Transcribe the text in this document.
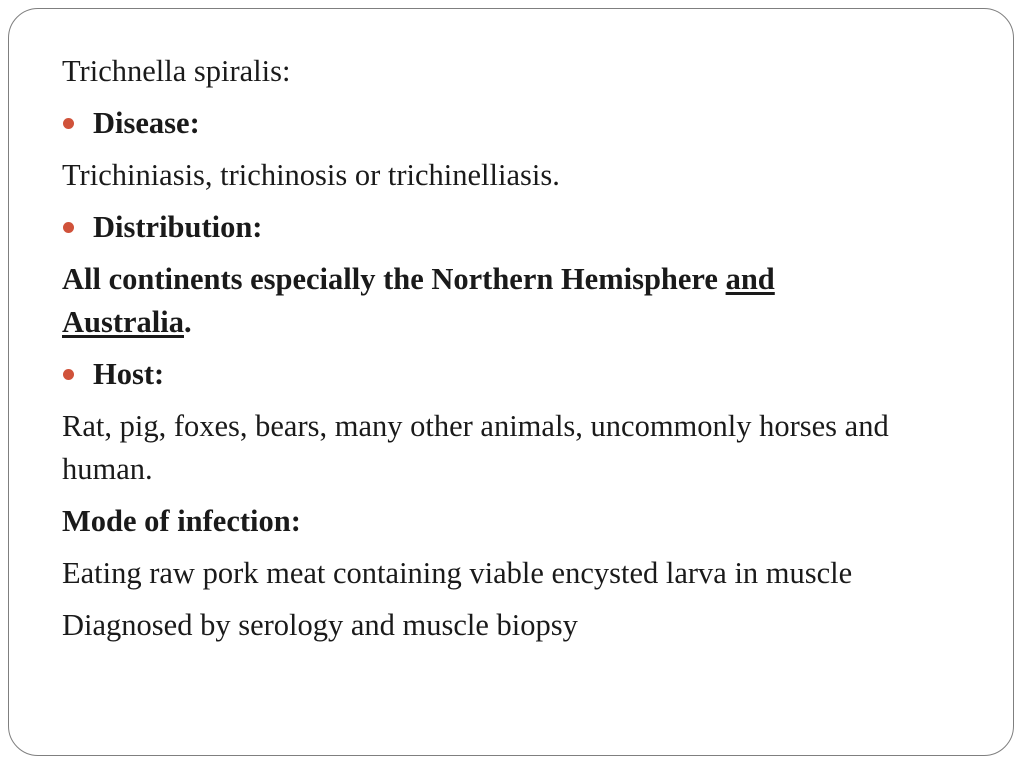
Trichnella spiralis:
Disease:
Trichiniasis, trichinosis or trichinelliasis.
Distribution:
All continents especially the Northern Hemisphere and
Australia.
Host:
Rat, pig, foxes, bears, many other animals, uncommonly horses and human.
Mode of infection:
Eating raw pork meat containing viable encysted larva in muscle
Diagnosed by serology and muscle biopsy
